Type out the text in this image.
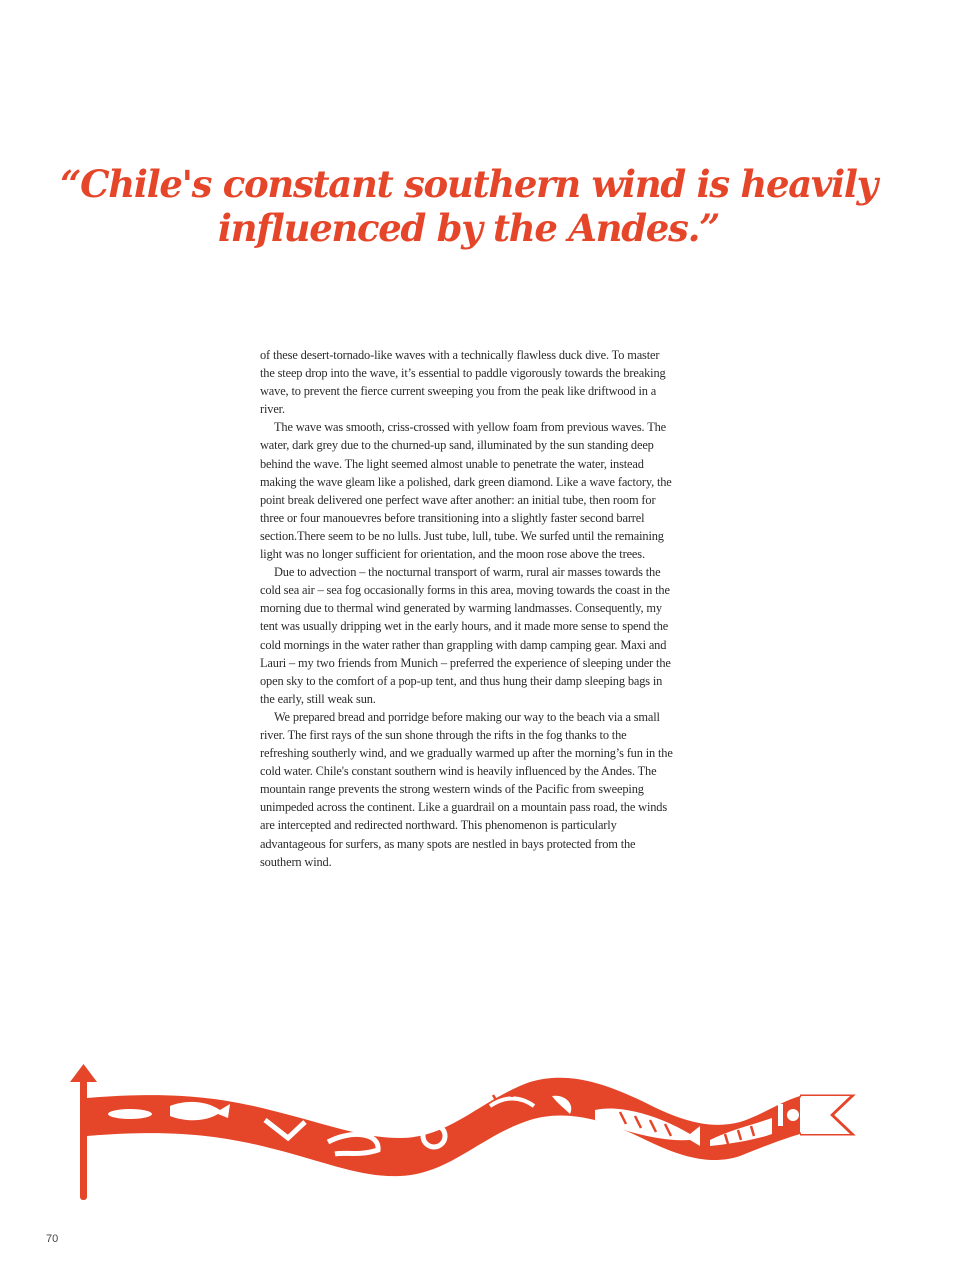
“Chile's constant southern wind is heavily
influenced by the Andes.”

of these desert-tornado-like waves with a technically flawless duck dive. To master the steep drop into the wave, it’s essential to paddle vigorously towards the breaking wave, to prevent the fierce current sweeping you from the peak like driftwood in a river.

The wave was smooth, criss-crossed with yellow foam from previous waves. The water, dark grey due to the churned-up sand, illuminated by the sun standing deep behind the wave. The light seemed almost unable to penetrate the water, instead making the wave gleam like a polished, dark green diamond. Like a wave factory, the point break delivered one perfect wave after another: an initial tube, then room for three or four manouevres before transitioning into a slightly faster second barrel section.There seem to be no lulls. Just tube, lull, tube. We surfed until the remaining light was no longer sufficient for orientation, and the moon rose above the trees.

Due to advection – the nocturnal transport of warm, rural air masses towards the cold sea air – sea fog occasionally forms in this area, moving towards the coast in the morning due to thermal wind generated by warming landmasses. Consequently, my tent was usually dripping wet in the early hours, and it made more sense to spend the cold mornings in the water rather than grappling with damp camping gear. Maxi and Lauri – my two friends from Munich – preferred the experience of sleeping under the open sky to the comfort of a pop-up tent, and thus hung their damp sleeping bags in the early, still weak sun.

We prepared bread and porridge before making our way to the beach via a small river. The first rays of the sun shone through the rifts in the fog thanks to the refreshing southerly wind, and we gradually warmed up after the morning’s fun in the cold water. Chile's constant southern wind is heavily influenced by the Andes. The mountain range prevents the strong western winds of the Pacific from sweeping unimpeded across the continent. Like a guardrail on a mountain pass road, the winds are intercepted and redirected northward. This phenomenon is particularly advantageous for surfers, as many spots are nestled in bays protected from the southern wind.

70
